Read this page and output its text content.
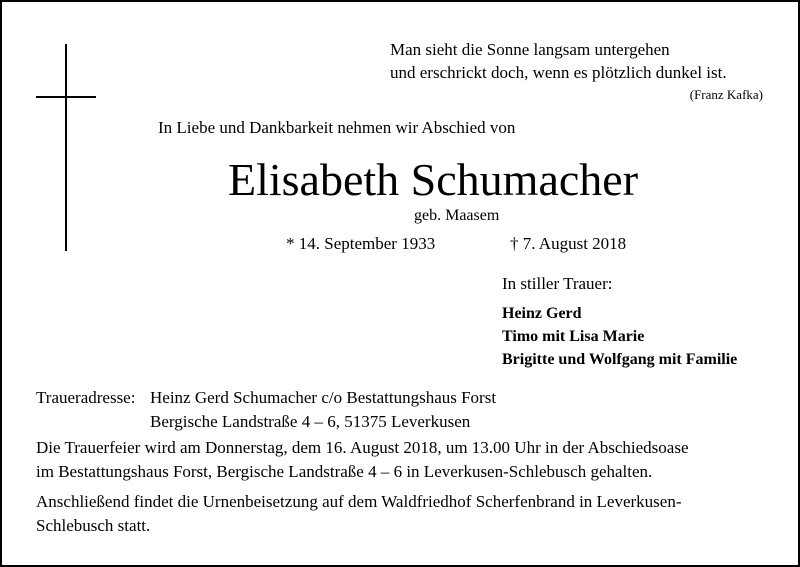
Man sieht die Sonne langsam untergehen
und erschrickt doch, wenn es plötzlich dunkel ist.
(Franz Kafka)
In Liebe und Dankbarkeit nehmen wir Abschied von
Elisabeth Schumacher
geb. Maasem
* 14. September 1933	† 7. August 2018
In stiller Trauer:
Heinz Gerd
Timo mit Lisa Marie
Brigitte und Wolfgang mit Familie
Traueradresse: Heinz Gerd Schumacher c/o Bestattungshaus Forst
Bergische Landstraße 4 – 6, 51375 Leverkusen
Die Trauerfeier wird am Donnerstag, dem 16. August 2018, um 13.00 Uhr in der Abschiedsoase
im Bestattungshaus Forst, Bergische Landstraße 4 – 6 in Leverkusen-Schlebusch gehalten.
Anschließend findet die Urnenbeisetzung auf dem Waldfriedhof Scherfenbrand in Leverkusen-
Schlebusch statt.
